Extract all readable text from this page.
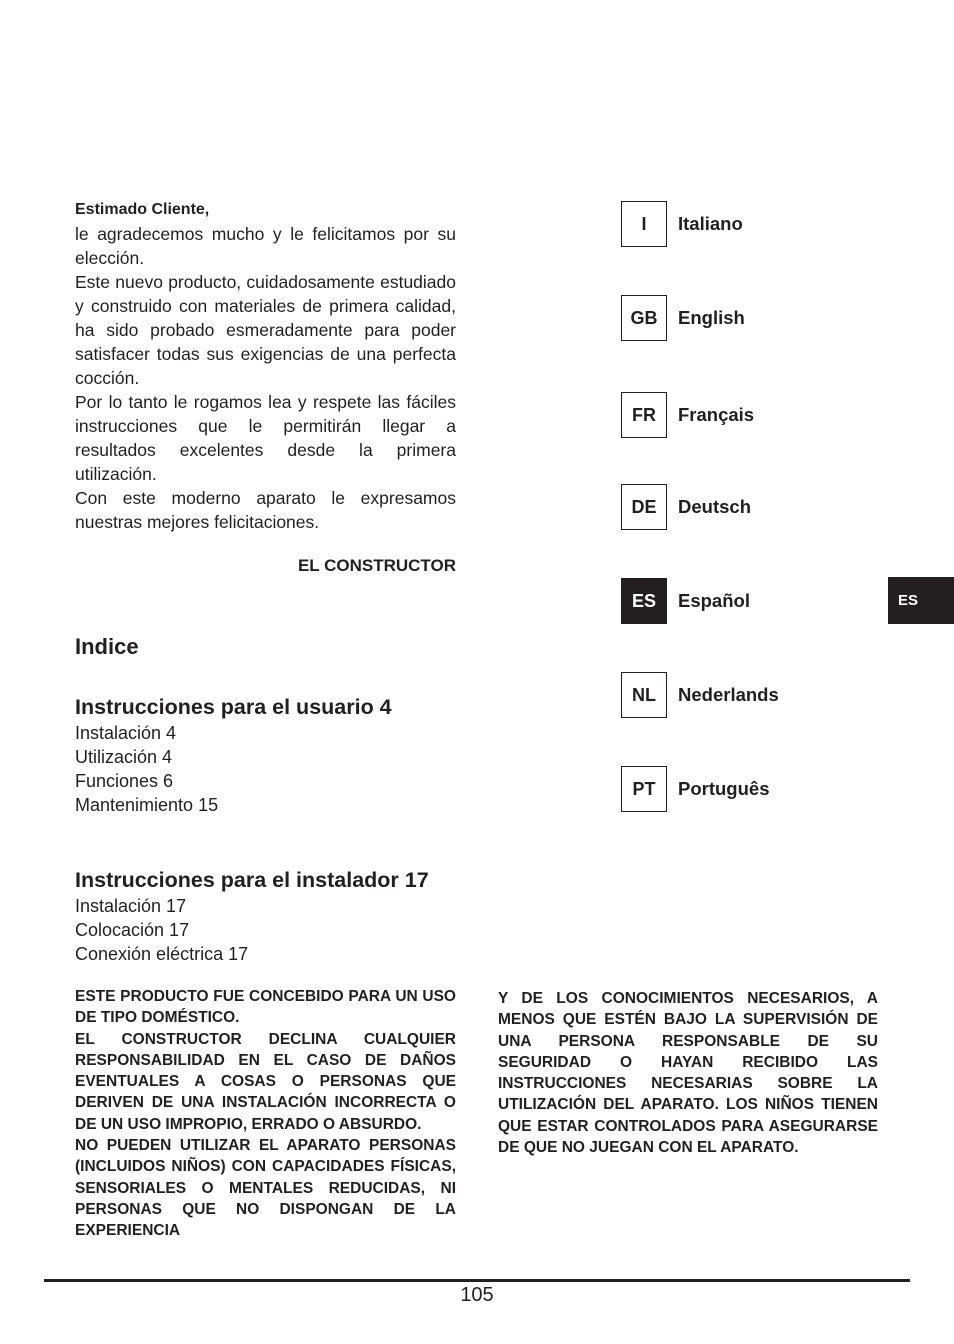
Estimado Cliente,

le agradecemos mucho y le felicitamos por su elección.

Este nuevo producto, cuidadosamente estudiado y construido con materiales de primera calidad, ha sido probado esmeradamente para poder satisfacer todas sus exigencias de una perfecta cocción.

Por lo tanto le rogamos lea y respete las fáciles instrucciones que le permitirán llegar a resultados excelentes desde la primera utilización.

Con este moderno aparato le expresamos nuestras mejores felicitaciones.

EL CONSTRUCTOR
Indice
Instrucciones para el usuario 4
Instalación 4
Utilización 4
Funciones 6
Mantenimiento 15
Instrucciones para el instalador 17
Instalación 17
Colocación 17
Conexión eléctrica 17

ESTE PRODUCTO FUE CONCEBIDO PARA UN USO DE TIPO DOMÉSTICO.

EL CONSTRUCTOR DECLINA CUALQUIER RESPONSABILIDAD EN EL CASO DE DAÑOS EVENTUALES A COSAS O PERSONAS QUE DERIVEN DE UNA INSTALACIÓN INCORRECTA O DE UN USO IMPROPIO, ERRADO O ABSURDO.

NO PUEDEN UTILIZAR EL APARATO PERSONAS (INCLUIDOS NIÑOS) CON CAPACIDADES FÍSICAS, SENSORIALES O MENTALES REDUCIDAS, NI PERSONAS QUE NO DISPONGAN DE LA EXPERIENCIA

Y DE LOS CONOCIMIENTOS NECESARIOS, A MENOS QUE ESTÉN BAJO LA SUPERVISIÓN DE UNA PERSONA RESPONSABLE DE SU SEGURIDAD O HAYAN RECIBIDO LAS INSTRUCCIONES NECESARIAS SOBRE LA UTILIZACIÓN DEL APARATO. LOS NIÑOS TIENEN QUE ESTAR CONTROLADOS PARA ASEGURARSE DE QUE NO JUEGAN CON EL APARATO.

I	Italiano
GB	English
FR	Français
DE	Deutsch
ES	Español
NL	Nederlands
PT	Português
ES
105
